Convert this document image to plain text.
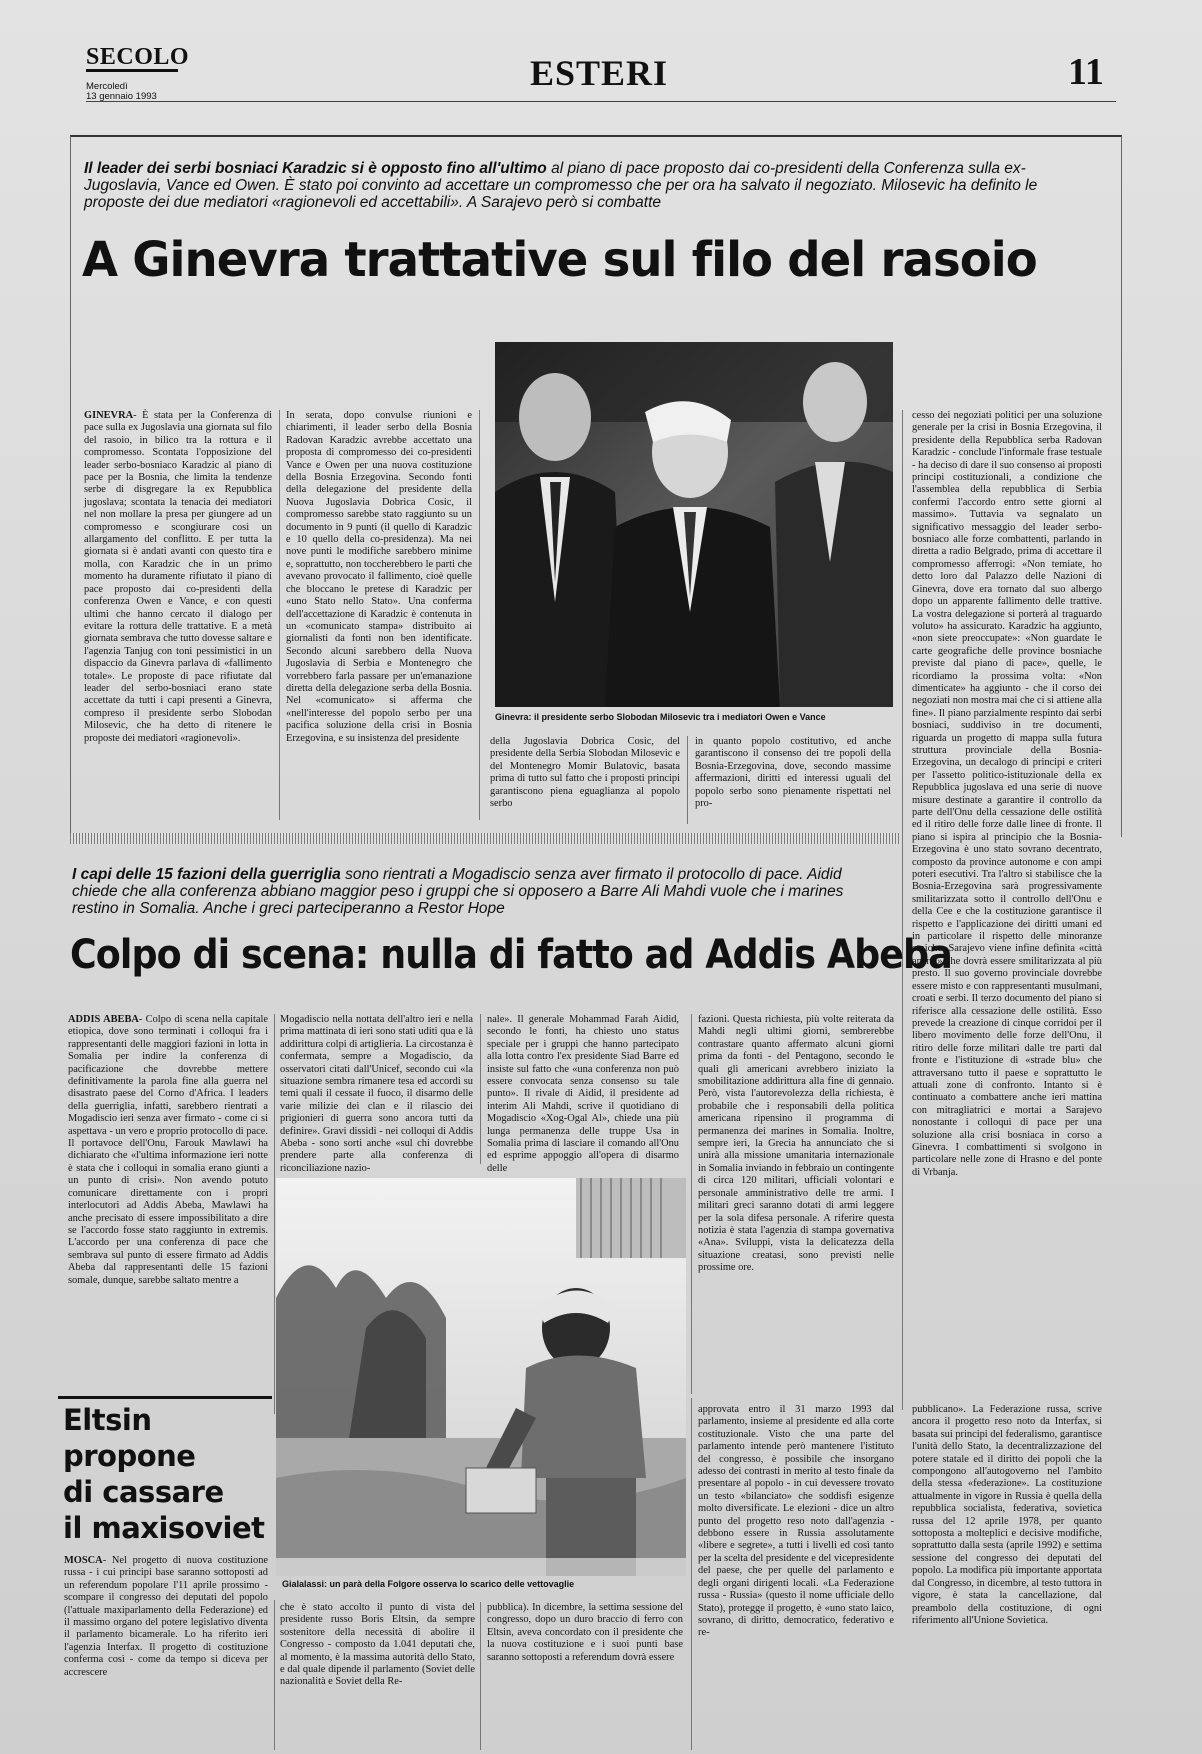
SECOLO
Mercoledì
13 gennaio 1993
ESTERI	11
Il leader dei serbi bosniaci Karadzic si è opposto fino all'ultimo al piano di pace proposto dai co-presidenti della Conferenza sulla ex-Jugoslavia, Vance ed Owen. È stato poi convinto ad accettare un compromesso che per ora ha salvato il negoziato. Milosevic ha definito le proposte dei due mediatori «ragionevoli ed accettabili». A Sarajevo però si combatte
A Ginevra trattative sul filo del rasoio
GINEVRA- È stata per la Conferenza di pace sulla ex Jugoslavia una giornata sul filo del rasoio, in bilico tra la rottura e il compromesso. Scontata l'opposizione del leader serbo-bosniaco Karadzic al piano di pace per la Bosnia, che limita la tendenze serbe di disgregare la ex Repubblica jugoslava; scontata la tenacia dei mediatori nel non mollare la presa per giungere ad un compromesso e scongiurare così un allargamento del conflitto. E per tutta la giornata si è andati avanti con questo tira e molla, con Karadzic che in un primo momento ha duramente rifiutato il piano di pace proposto dai co-presidenti della conferenza Owen e Vance, e con questi ultimi che hanno cercato il dialogo per evitare la rottura delle trattative. E a metà giornata sembrava che tutto dovesse saltare e l'agenzia Tanjug con toni pessimistici in un dispaccio da Ginevra parlava di «fallimento totale». Le proposte di pace rifiutate dal leader del serbo-bosniaci erano state accettate da tutti i capi presenti a Ginevra, compreso il presidente serbo Slobodan Milosevic, che ha detto di ritenere le proposte dei mediatori «ragionevoli».
In serata, dopo convulse riunioni e chiarimenti, il leader serbo della Bosnia Radovan Karadzic avrebbe accettato una proposta di compromesso dei co-presidenti Vance e Owen per una nuova costituzione della Bosnia Erzegovina. Secondo fonti della delegazione del presidente della Nuova Jugoslavia Dobrica Cosic, il compromesso sarebbe stato raggiunto su un documento in 9 punti (il quello di Karadzic e 10 quello della co-presidenza). Ma nei nove punti le modifiche sarebbero minime e, soprattutto, non toccherebbero le parti che avevano provocato il fallimento, cioè quelle che bloccano le pretese di Karadzic per «uno Stato nello Stato». Una conferma dell'accettazione di Karadzic è contenuta in un «comunicato stampa» distribuito ai giornalisti da fonti non ben identificate. Secondo alcuni sarebbero della Nuova Jugoslavia di Serbia e Montenegro che vorrebbero farla passare per un'emanazione diretta della delegazione serba della Bosnia. Nel «comunicato» si afferma che «nell'interesse del popolo serbo per una pacifica soluzione della crisi in Bosnia Erzegovina, e su insistenza del presidente
Ginevra: il presidente serbo Slobodan Milosevic tra i mediatori Owen e Vance
della Jugoslavia Dobrica Cosic, del presidente della Serbia Slobodan Milosevic e del Montenegro Momir Bulatovic, basata prima di tutto sul fatto che i proposti principi garantiscono piena eguaglianza al popolo serbo
in quanto popolo costitutivo, ed anche garantiscono il consenso dei tre popoli della Bosnia-Erzegovina, dove, secondo massime affermazioni, diritti ed interessi uguali del popolo serbo sono pienamente rispettati nel pro-
cesso dei negoziati politici per una soluzione generale per la crisi in Bosnia Erzegovina, il presidente della Repubblica serba Radovan Karadzic - conclude l'informale frase testuale - ha deciso di dare il suo consenso ai proposti principi costituzionali, a condizione che l'assemblea della repubblica di Serbia confermi l'accordo entro sette giorni al massimo». Tuttavia va segnalato un significativo messaggio del leader serbo-bosniaco alle forze combattenti, parlando in diretta a radio Belgrado, prima di accettare il compromesso afferrogi: «Non temiate, ho detto loro dal Palazzo delle Nazioni di Ginevra, dove era tornato dal suo albergo dopo un apparente fallimento delle trattive. La vostra delegazione si porterà al traguardo voluto» ha assicurato. Karadzic ha aggiunto, «non siete preoccupate»: «Non guardate le carte geografiche delle province bosniache previste dal piano di pace», quelle, le ricordiamo la prossima volta: «Non dimenticate» ha aggiunto - che il corso dei negoziati non mostra mai che ci si attiene alla fine». Il piano parzialmente respinto dai serbi bosniaci, suddiviso in tre documenti, riguarda un progetto di mappa sulla futura struttura provinciale della Bosnia-Erzegovina, un decalogo di principi e criteri per l'assetto politico-istituzionale della ex Repubblica jugoslava ed una serie di nuove misure destinate a garantire il controllo da parte dell'Onu della cessazione delle ostilità ed il ritiro delle forze dalle linee di fronte. Il piano si ispira al principio che la Bosnia-Erzegovina è uno stato sovrano decentrato, composto da province autonome e con ampi poteri esecutivi. Tra l'altro si stabilisce che la Bosnia-Erzegovina sarà progressivamente smilitarizzata sotto il controllo dell'Onu e della Cee e che la costituzione garantisce il rispetto e l'applicazione dei diritti umani ed in particolare il rispetto delle minoranze etniche. Sarajevo viene infine definita «città aperta» che dovrà essere smilitarizzata al più presto. Il suo governo provinciale dovrebbe essere misto e con rappresentanti musulmani, croati e serbi. Il terzo documento del piano si riferisce alla cessazione delle ostilità. Esso prevede la creazione di cinque corridoi per il libero movimento delle forze dell'Onu, il ritiro delle forze militari dalle tre parti dal fronte e l'istituzione di «strade blu» che attraversano tutto il paese e soprattutto le attuali zone di confronto. Intanto si è continuato a combattere anche ieri mattina con mitragliatrici e mortai a Sarajevo nonostante i colloqui di pace per una soluzione alla crisi bosniaca in corso a Ginevra. I combattimenti si svolgono in particolare nelle zone di Hrasno e del ponte di Vrbanja.
I capi delle 15 fazioni della guerriglia sono rientrati a Mogadiscio senza aver firmato il protocollo di pace. Aidid chiede che alla conferenza abbiano maggior peso i gruppi che si opposero a Barre Ali Mahdi vuole che i marines restino in Somalia. Anche i greci parteciperanno a Restor Hope
Colpo di scena: nulla di fatto ad Addis Abeba
ADDIS ABEBA- Colpo di scena nella capitale etiopica, dove sono terminati i colloqui fra i rappresentanti delle maggiori fazioni in lotta in Somalia per indire la conferenza di pacificazione che dovrebbe mettere definitivamente la parola fine alla guerra nel disastrato paese del Corno d'Africa. I leaders della guerriglia, infatti, sarebbero rientrati a Mogadiscio ieri senza aver firmato - come ci si aspettava - un vero e proprio protocollo di pace. Il portavoce dell'Onu, Farouk Mawlawi ha dichiarato che «l'ultima informazione ieri notte è stata che i colloqui in somalia erano giunti a un punto di crisi». Non avendo potuto comunicare direttamente con i propri interlocutori ad Addis Abeba, Mawlawi ha anche precisato di essere impossibilitato a dire se l'accordo fosse stato raggiunto in extremis. L'accordo per una conferenza di pace che sembrava sul punto di essere firmato ad Addis Abeba dal rappresentanti delle 15 fazioni somale, dunque, sarebbe saltato mentre a
Mogadiscio nella nottata dell'altro ieri e nella prima mattinata di ieri sono stati uditi qua e là addirittura colpi di artiglieria. La circostanza è confermata, sempre a Mogadiscio, da osservatori citati dall'Unicef, secondo cui «la situazione sembra rimanere tesa ed accordi su temi quali il cessate il fuoco, il disarmo delle varie milizie dei clan e il rilascio dei prigionieri di guerra sono ancora tutti da definire». Gravi dissidi - nei colloqui di Addis Abeba - sono sorti anche «sul chi dovrebbe prendere parte alla conferenza di riconciliazione nazio-
nale». Il generale Mohammad Farah Aidid, secondo le fonti, ha chiesto uno status speciale per i gruppi che hanno partecipato alla lotta contro l'ex presidente Siad Barre ed insiste sul fatto che «una conferenza non può essere convocata senza consenso su tale punto». Il rivale di Aidid, il presidente ad interim Ali Mahdi, scrive il quotidiano di Mogadiscio «Xog-Ogal Al», chiede una più lunga permanenza delle truppe Usa in Somalia prima di lasciare il comando all'Onu ed esprime appoggio all'opera di disarmo delle
fazioni. Questa richiesta, più volte reiterata da Mahdi negli ultimi giorni, sembrerebbe contrastare quanto affermato alcuni giorni prima da fonti - del Pentagono, secondo le quali gli americani avrebbero iniziato la smobilitazione addirittura alla fine di gennaio. Però, vista l'autorevolezza della richiesta, è probabile che i responsabili della politica americana ripensino il programma di permanenza dei marines in Somalia. Inoltre, sempre ieri, la Grecia ha annunciato che si unirà alla missione umanitaria internazionale in Somalia inviando in febbraio un contingente di circa 120 militari, ufficiali volontari e personale amministrativo delle tre armi. I militari greci saranno dotati di armi leggere per la sola difesa personale. A riferire questa notizia è stata l'agenzia di stampa governativa «Ana». Sviluppi, vista la delicatezza della situazione creatasi, sono previsti nelle prossime ore.
Gialalassi: un parà della Folgore osserva lo scarico delle vettovaglie
Eltsin
propone
di cassare
il maxisoviet
MOSCA- Nel progetto di nuova costituzione russa - i cui principi base saranno sottoposti ad un referendum popolare l'11 aprile prossimo - scompare il congresso dei deputati del popolo (l'attuale maxiparlamento della Federazione) ed il massimo organo del potere legislativo diventa il parlamento bicamerale. Lo ha riferito ieri l'agenzia Interfax. Il progetto di costituzione conferma così - come da tempo si diceva per accrescere
che è stato accolto il punto di vista del presidente russo Boris Eltsin, da sempre sostenitore della necessità di abolire il Congresso - composto da 1.041 deputati che, al momento, è la massima autorità dello Stato, e dal quale dipende il parlamento (Soviet delle nazionalità e Soviet della Re-
pubblica). In dicembre, la settima sessione del congresso, dopo un duro braccio di ferro con Eltsin, aveva concordato con il presidente che la nuova costituzione e i suoi punti base saranno sottoposti a referendum dovrà essere
approvata entro il 31 marzo 1993 dal parlamento, insieme al presidente ed alla corte costituzionale. Visto che una parte del parlamento intende però mantenere l'istituto del congresso, è possibile che insorgano adesso dei contrasti in merito al testo finale da presentare al popolo - in cui devessere trovato un testo «bilanciato» che soddisfi esigenze molto diversificate. Le elezioni - dice un altro punto del progetto reso noto dall'agenzia - debbono essere in Russia assolutamente «libere e segrete», a tutti i livelli ed così tanto per la scelta del presidente e del vicepresidente del paese, che per quelle del parlamento e degli organi dirigenti locali. «La Federazione russa - Russia» (questo il nome ufficiale dello Stato), protegge il progetto, è «uno stato laico, sovrano, di diritto, democratico, federativo e re-
pubblicano». La Federazione russa, scrive ancora il progetto reso noto da Interfax, si basata sui principi del federalismo, garantisce l'unità dello Stato, la decentralizzazione del potere statale ed il diritto dei popoli che la compongono all'autogoverno nel l'ambito della stessa «federazione». La costituzione attualmente in vigore in Russia è quella della repubblica socialista, federativa, sovietica russa del 12 aprile 1978, per quanto sottoposta a molteplici e decisive modifiche, soprattutto dalla sesta (aprile 1992) e settima sessione del congresso dei deputati del popolo. La modifica più importante apportata dal Congresso, in dicembre, al testo tuttora in vigore, è stata la cancellazione, dal preambolo della costituzione, di ogni riferimento all'Unione Sovietica.
